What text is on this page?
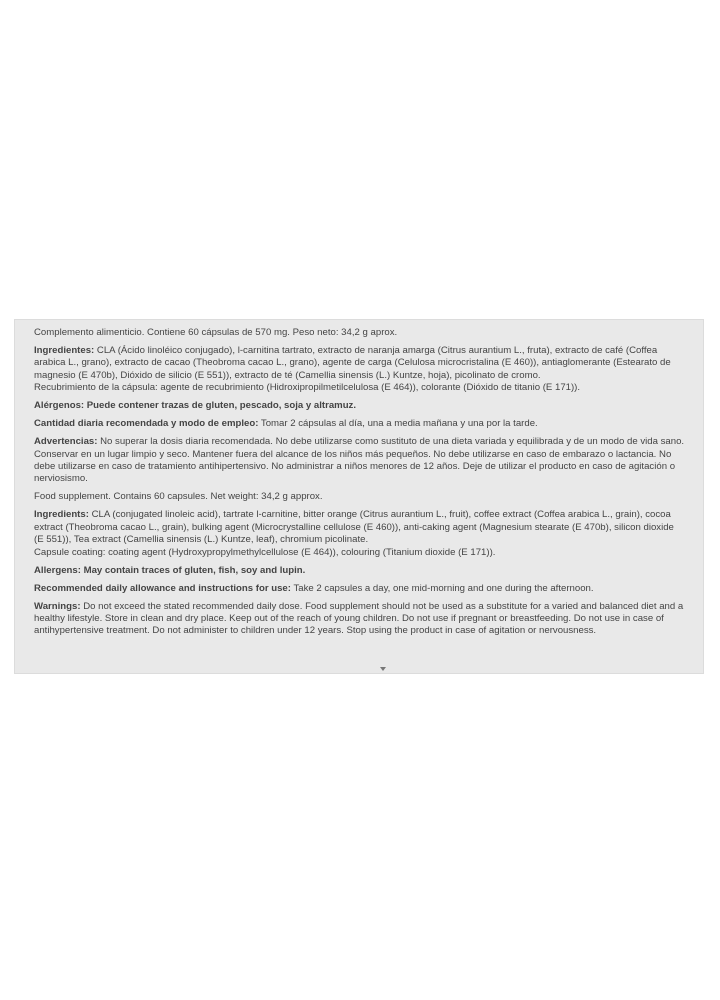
Complemento alimenticio. Contiene 60 cápsulas de 570 mg. Peso neto: 34,2 g aprox.

Ingredientes: CLA (Ácido linoléico conjugado), l-carnitina tartrato, extracto de naranja amarga (Citrus aurantium L., fruta), extracto de café (Coffea arabica L., grano), extracto de cacao (Theobroma cacao L., grano), agente de carga (Celulosa microcristalina (E 460)), antiaglomerante (Estearato de magnesio (E 470b), Dióxido de silicio (E 551)), extracto de té (Camellia sinensis (L.) Kuntze, hoja), picolinato de cromo.
Recubrimiento de la cápsula: agente de recubrimiento (Hidroxipropilmetilcelulosa (E 464)), colorante (Dióxido de titanio (E 171)).

Alérgenos: Puede contener trazas de gluten, pescado, soja y altramuz.

Cantidad diaria recomendada y modo de empleo: Tomar 2 cápsulas al día, una a media mañana y una por la tarde.

Advertencias: No superar la dosis diaria recomendada. No debe utilizarse como sustituto de una dieta variada y equilibrada y de un modo de vida sano. Conservar en un lugar limpio y seco. Mantener fuera del alcance de los niños más pequeños. No debe utilizarse en caso de embarazo o lactancia. No debe utilizarse en caso de tratamiento antihipertensivo. No administrar a niños menores de 12 años. Deje de utilizar el producto en caso de agitación o nerviosismo.

Food supplement. Contains 60 capsules. Net weight: 34,2 g approx.

Ingredients: CLA (conjugated linoleic acid), tartrate l-carnitine, bitter orange (Citrus aurantium L., fruit), coffee extract (Coffea arabica L., grain), cocoa extract (Theobroma cacao L., grain), bulking agent (Microcrystalline cellulose (E 460)), anti-caking agent (Magnesium stearate (E 470b), silicon dioxide (E 551)), Tea extract (Camellia sinensis (L.) Kuntze, leaf), chromium picolinate.
Capsule coating: coating agent (Hydroxypropylmethylcellulose (E 464)), colouring (Titanium dioxide (E 171)).

Allergens: May contain traces of gluten, fish, soy and lupin.

Recommended daily allowance and instructions for use: Take 2 capsules a day, one mid-morning and one during the afternoon.

Warnings: Do not exceed the stated recommended daily dose. Food supplement should not be used as a substitute for a varied and balanced diet and a healthy lifestyle. Store in clean and dry place. Keep out of the reach of young children. Do not use if pregnant or breastfeeding. Do not use in case of antihypertensive treatment. Do not administer to children under 12 years. Stop using the product in case of agitation or nervousness.
